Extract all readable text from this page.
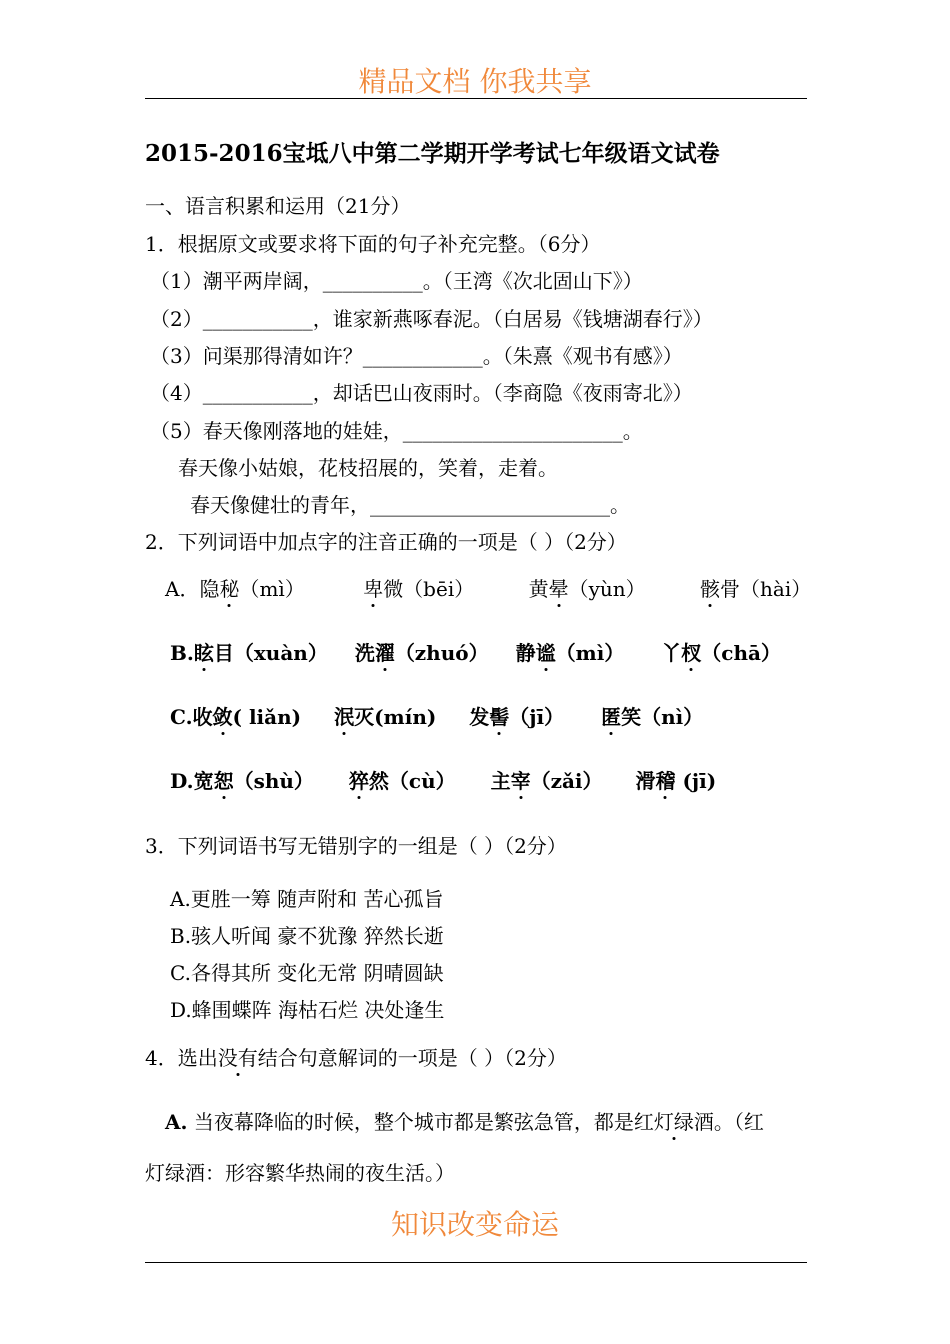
精品文档 你我共享
2015-2016宝坻八中第二学期开学考试七年级语文试卷
一、语言积累和运用（21分）
1．根据原文或要求将下面的句子补充完整。（6分）
（1）潮平两岸阔，__________。（王湾《次北固山下》）
（2）___________，谁家新燕啄春泥。（白居易《钱塘湖春行》）
（3）问渠那得清如许？____________。（朱熹《观书有感》）
（4）___________，却话巴山夜雨时。（李商隐《夜雨寄北》）
（5）春天像刚落地的娃娃，______________________。
春天像小姑娘，花枝招展的，笑着，走着。
春天像健壮的青年，________________________。
2．下列词语中加点字的注音正确的一项是（ ）（2分）
A．隐秘（mì）	卑微（bēi）	黄晕（yùn）	骸骨（hài）
B.眩目（xuàn） 洗濯（zhuó） 静谧（mì） 丫杈（chā）
C.收敛( liǎn) 泯灭(mín) 发髻（jī） 匿笑（nì）
D.宽恕（shù） 猝然（cù） 主宰（zǎi） 滑稽 (jī)
3．下列词语书写无错别字的一组是（ ）（2分）
A.更胜一筹 随声附和 苦心孤旨
B.骇人听闻 豪不犹豫 猝然长逝
C.各得其所 变化无常 阴晴圆缺
D.蜂围蝶阵 海枯石烂 决处逢生
4．选出没有结合句意解词的一项是（ ）（2分）
A. 当夜幕降临的时候，整个城市都是繁弦急管，都是红灯绿酒。（红
灯绿酒：形容繁华热闹的夜生活。）
知识改变命运
